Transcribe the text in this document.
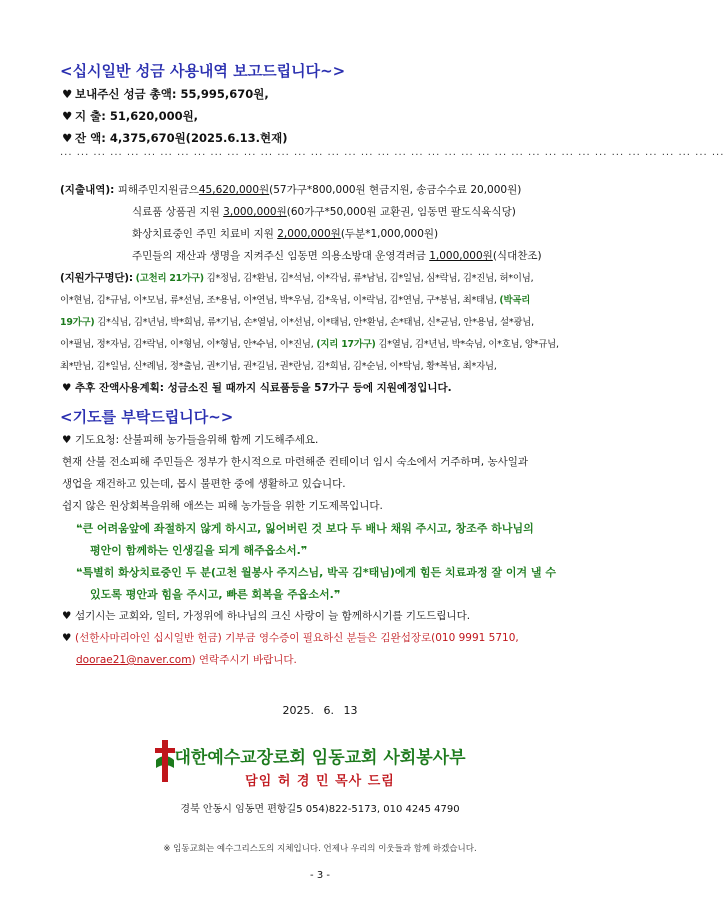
<십시일반 성금 사용내역 보고드립니다~>
♥ 보내주신 성금 총액: 55,995,670원,
♥ 지 출: 51,620,000원,
♥ 잔 액: 4,375,670원(2025.6.13.현재)
··· ··· ··· ··· ··· ··· ··· ··· ··· ··· ··· ··· ··· ··· ··· ··· ··· ··· ··· ··· ··· ··· ··· ··· ··· ··· ··· ··· ··· ··· ··· ··· ··· ··· ··· ··· ··· ··· ··· ···
(지출내역): 피해주민지원금으45,620,000원(57가구*800,000원 현금지원, 송금수수료 20,000원)
식료품 상품권 지원 3,000,000원(60가구*50,000원 교환권, 임동면 팔도식육식당)
화상치료중인 주민 치료비 지원 2,000,000원(두분*1,000,000원)
주민들의 재산과 생명을 지켜주신 임동면 의용소방대 운영격려금 1,000,000원(식대찬조)
(지원가구명단): (고천리 21가구) 김*정님, 김*환님, 김*석님, 이*각님, 류*남님, 김*일님, 심*락님, 김*진님, 허*이님,
이*현님, 김*규님, 이*모님, 류*선님, 조*용님, 이*연님, 박*우님, 김*욱님, 이*락님, 김*연님, 구*봉님, 최*태님, (박곡리
19가구) 김*식님, 김*년님, 박*희님, 류*기님, 손*열님, 이*선님, 이*태님, 안*환님, 손*태님, 신*균님, 안*용님, 설*광님,
이*필님, 정*자님, 김*락님, 이*형님, 이*형님, 안*수님, 이*진님, (지리 17가구) 김*열님, 김*년님, 박*숙님, 이*호님, 양*규님,
최*만님, 김*일님, 신*례님, 정*출님, 권*기님, 권*길님, 권*란님, 김*희님, 김*순님, 이*탁님, 황*복님, 최*자님,
♥ 추후 잔액사용계획: 성금소진 될 때까지 식료품등을 57가구 등에 지원예정입니다.
<기도를 부탁드립니다~>
♥ 기도요청: 산불피해 농가들을위해 함께 기도해주세요.
현재 산불 전소피해 주민들은 정부가 한시적으로 마련해준 컨테이너 임시 숙소에서 거주하며, 농사일과
생업을 재건하고 있는데, 몹시 불편한 중에 생활하고 있습니다.
쉽지 않은 원상회복을위해 애쓰는 피해 농가들을 위한 기도제목입니다.
❝큰 어려움앞에 좌절하지 않게 하시고, 잃어버린 것 보다 두 배나 채워 주시고, 창조주 하나님의
평안이 함께하는 인생길을 되게 해주옵소서.❞
❝특별히 화상치료중인 두 분(고천 월봉사 주지스님, 박곡 김*태님)에게 힘든 치료과정 잘 이겨 낼 수
있도록 평안과 힘을 주시고, 빠른 회복을 주옵소서.❞
♥ 섬기시는 교회와, 일터, 가정위에 하나님의 크신 사랑이 늘 함께하시기를 기도드립니다.
♥ (선한사마리아인 십시일반 헌금) 기부금 영수증이 필요하신 분들은 김완섭장로(010 9991 5710,
doorae21@naver.com) 연락주시기 바랍니다.
2025. 6. 13
대한예수교장로회 임동교회 사회봉사부
담임 허 경 민 목사 드림
경북 안동시 임동면 편항길5 054)822-5173, 010 4245 4790
※ 임동교회는 예수그리스도의 지체입니다. 언제나 우리의 이웃들과 함께 하겠습니다.
- 3 -
